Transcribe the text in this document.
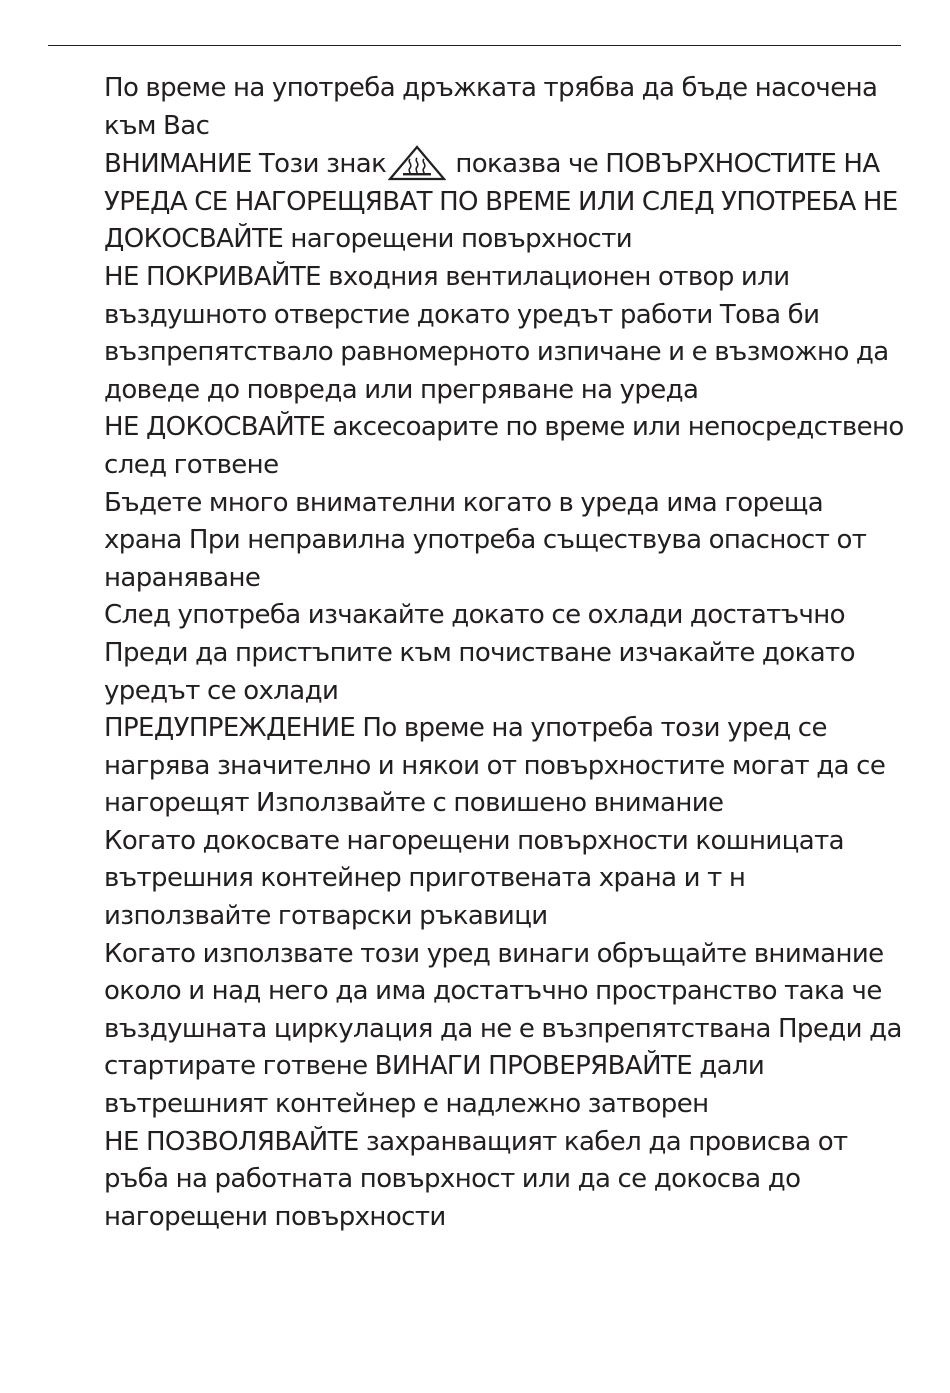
По време на употреба дръжката трябва да бъде насочена към Вас

ВНИМАНИЕ Този знак
показва че ПОВЪРХНОСТИТЕ НА УРЕДА СЕ НАГОРЕЩЯВАТ ПО ВРЕМЕ ИЛИ СЛЕД УПОТРЕБА НЕ ДОКОСВАЙТЕ нагорещени повърхности

НЕ ПОКРИВАЙТЕ входния вентилационен отвор или въздушното отверстие докато уредът работи Това би възпрепятствало равномерното изпичане и е възможно да доведе до повреда или прегряване на уреда

НЕ ДОКОСВАЙТЕ аксесоарите по време или непосредствено след готвене

Бъдете много внимателни когато в уреда има гореща храна При неправилна употреба съществува опасност от нараняване

След употреба изчакайте докато се охлади достатъчно

Преди да пристъпите към почистване изчакайте докато уредът се охлади

ПРЕДУПРЕЖДЕНИЕ По време на употреба този уред се нагрява значително и някои от повърхностите могат да се нагорещят Използвайте с повишено внимание

Когато докосвате нагорещени повърхности кошницата вътрешния контейнер приготвената храна и т н използвайте готварски ръкавици

Когато използвате този уред винаги обръщайте внимание около и над него да има достатъчно пространство така че въздушната циркулация да не е възпрепятствана Преди да стартирате готвене ВИНАГИ ПРОВЕРЯВАЙТЕ дали вътрешният контейнер е надлежно затворен

НЕ ПОЗВОЛЯВАЙТЕ захранващият кабел да провисва от ръба на работната повърхност или да се докосва до нагорещени повърхности
